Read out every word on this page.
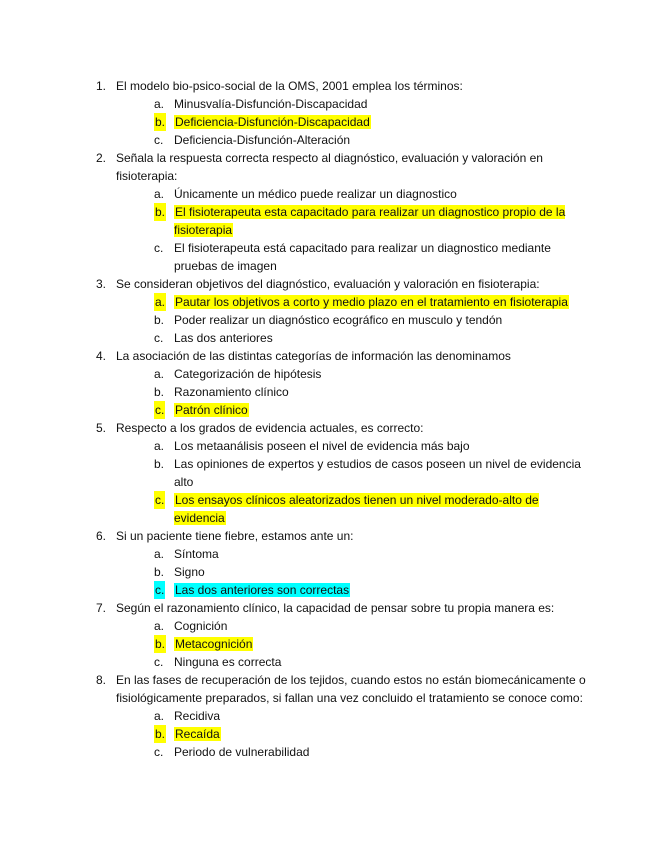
1. El modelo bio-psico-social de la OMS, 2001 emplea los términos:
a. Minusvalía-Disfunción-Discapacidad
b. Deficiencia-Disfunción-Discapacidad
c. Deficiencia-Disfunción-Alteración
2. Señala la respuesta correcta respecto al diagnóstico, evaluación y valoración en fisioterapia:
a. Únicamente un médico puede realizar un diagnostico
b. El fisioterapeuta esta capacitado para realizar un diagnostico propio de la fisioterapia
c. El fisioterapeuta está capacitado para realizar un diagnostico mediante pruebas de imagen
3. Se consideran objetivos del diagnóstico, evaluación y valoración en fisioterapia:
a. Pautar los objetivos a corto y medio plazo en el tratamiento en fisioterapia
b. Poder realizar un diagnóstico ecográfico en musculo y tendón
c. Las dos anteriores
4. La asociación de las distintas categorías de información las denominamos
a. Categorización de hipótesis
b. Razonamiento clínico
c. Patrón clínico
5. Respecto a los grados de evidencia actuales, es correcto:
a. Los metaanálisis poseen el nivel de evidencia más bajo
b. Las opiniones de expertos y estudios de casos poseen un nivel de evidencia alto
c. Los ensayos clínicos aleatorizados tienen un nivel moderado-alto de evidencia
6. Si un paciente tiene fiebre, estamos ante un:
a. Síntoma
b. Signo
c. Las dos anteriores son correctas
7. Según el razonamiento clínico, la capacidad de pensar sobre tu propia manera es:
a. Cognición
b. Metacognición
c. Ninguna es correcta
8. En las fases de recuperación de los tejidos, cuando estos no están biomecánicamente o fisiológicamente preparados, si fallan una vez concluido el tratamiento se conoce como:
a. Recidiva
b. Recaída
c. Periodo de vulnerabilidad
